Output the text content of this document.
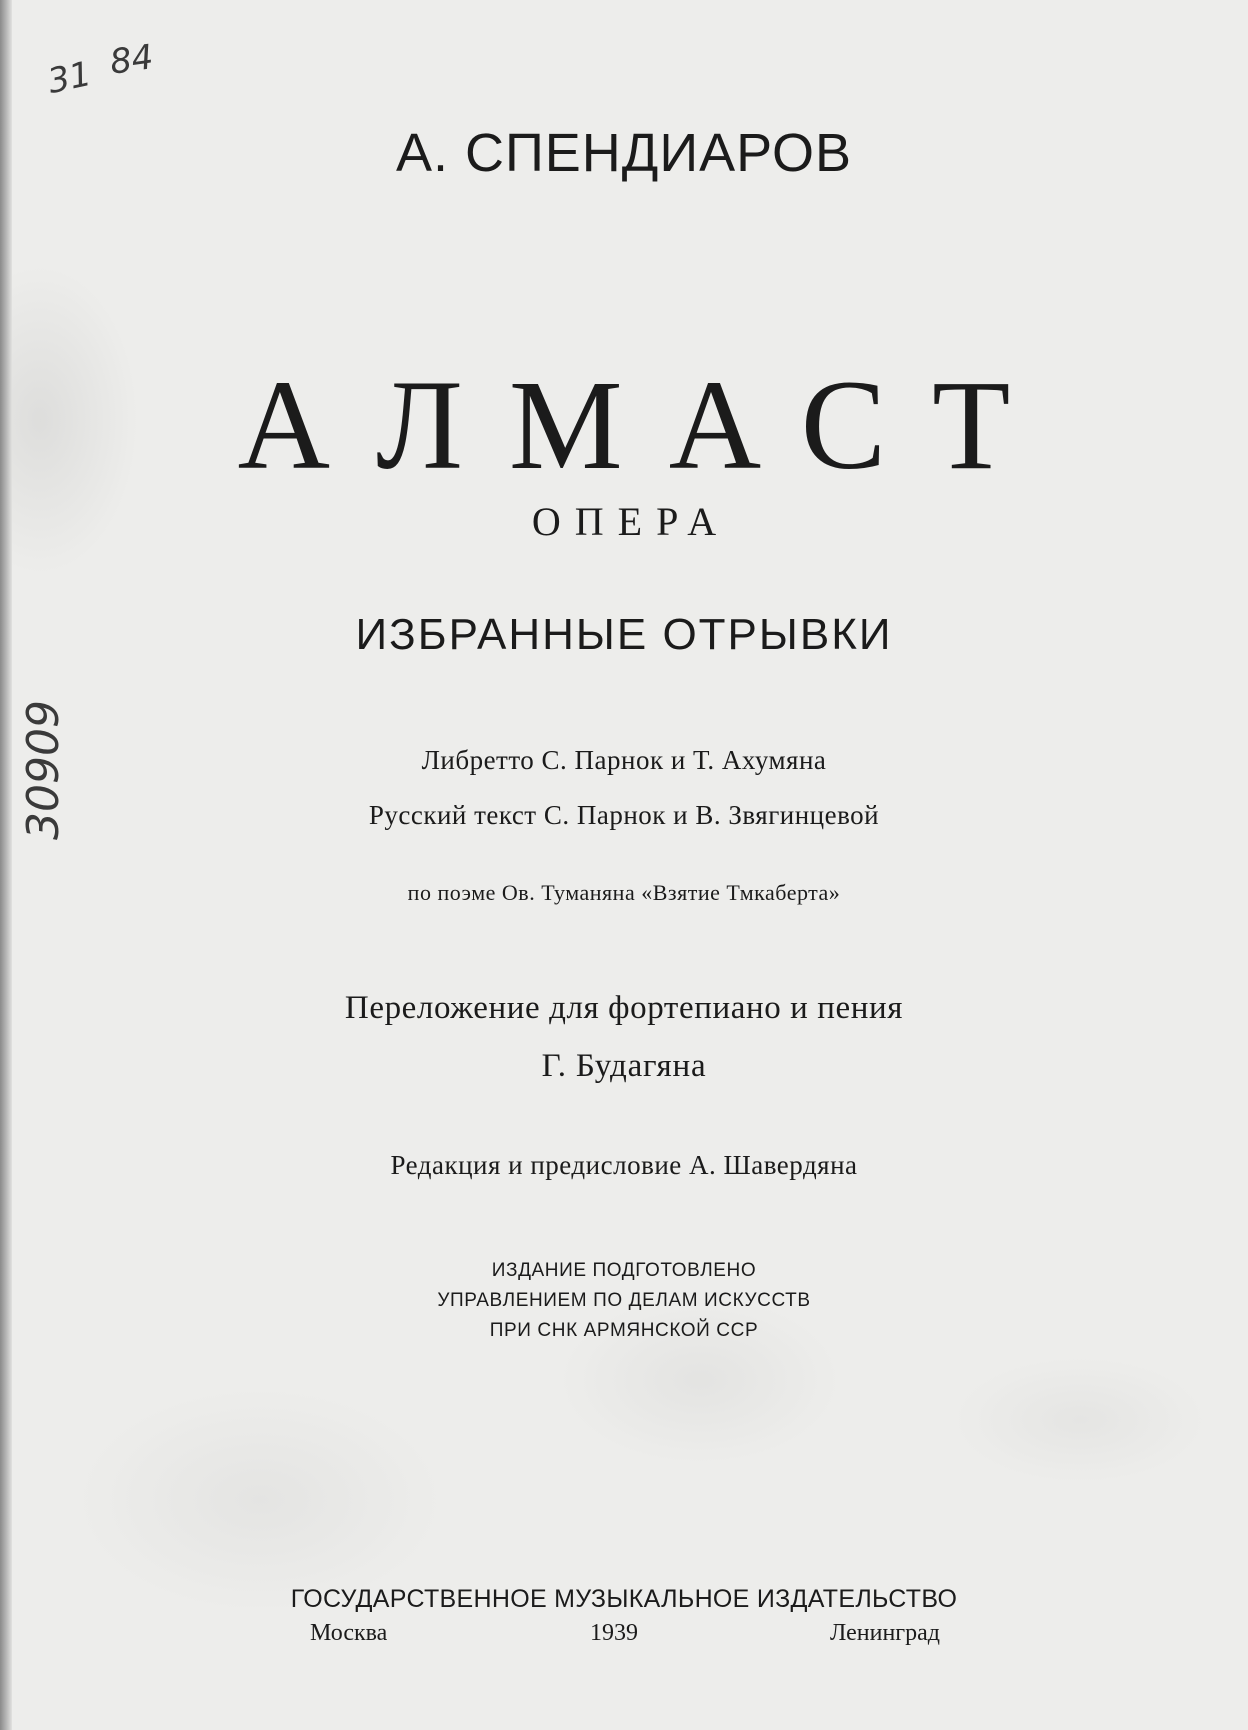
31 84
30909
А. СПЕНДИАРОВ
АЛМАСТ
ОПЕРА
ИЗБРАННЫЕ ОТРЫВКИ
Либретто С. Парнок и Т. Ахумяна
Русский текст С. Парнок и В. Звягинцевой
по поэме Ов. Туманяна «Взятие Тмкаберта»
Переложение для фортепиано и пения
Г. Будагяна
Редакция и предисловие А. Шавердяна
ИЗДАНИЕ ПОДГОТОВЛЕНО
УПРАВЛЕНИЕМ ПО ДЕЛАМ ИСКУССТВ
ПРИ СНК АРМЯНСКОЙ ССР
ГОСУДАРСТВЕННОЕ МУЗЫКАЛЬНОЕ ИЗДАТЕЛЬСТВО
Москва	1939	Ленинград
